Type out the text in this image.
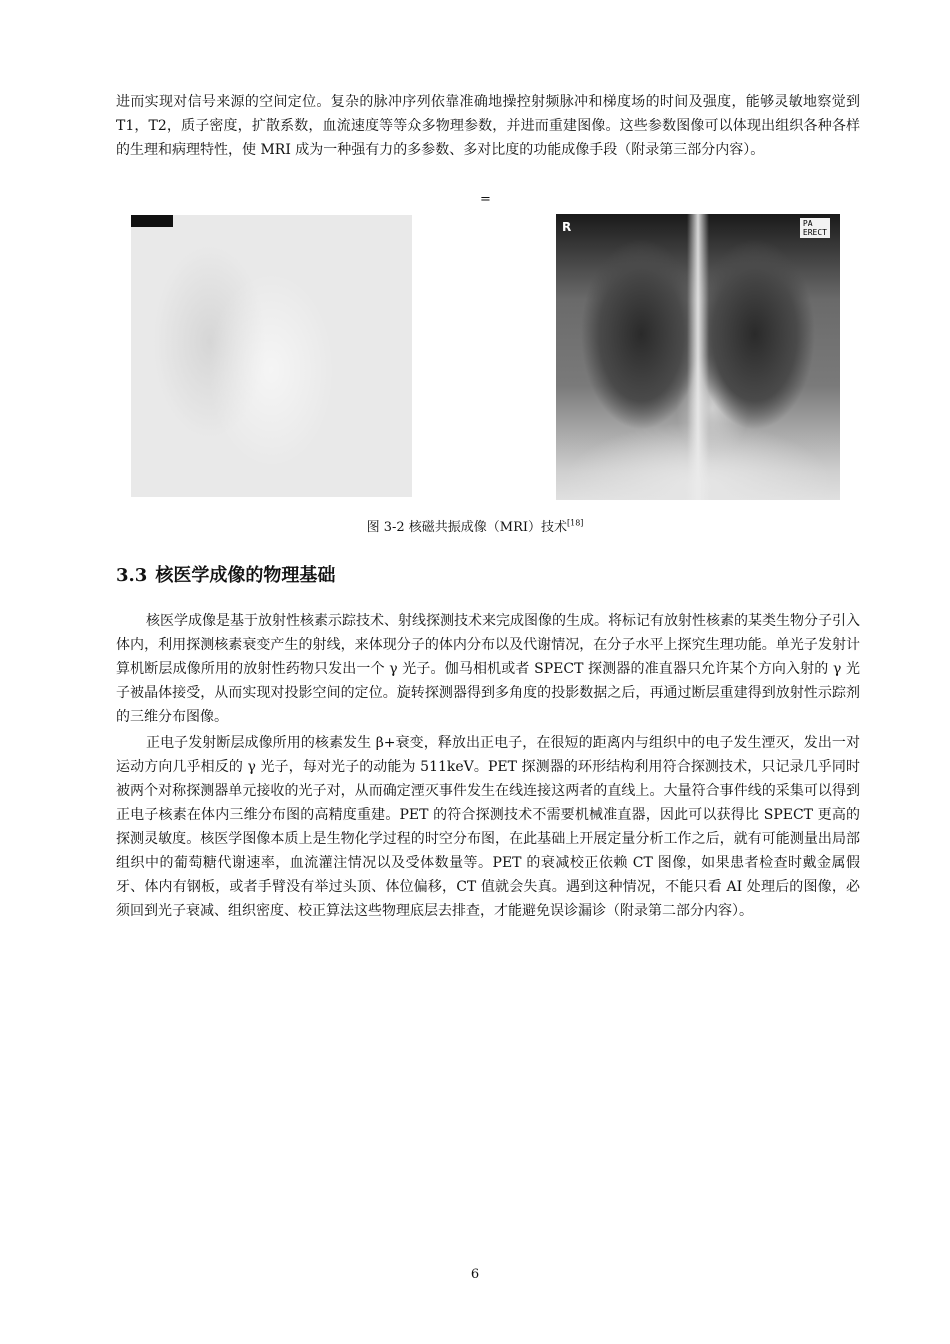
进而实现对信号来源的空间定位。复杂的脉冲序列依靠准确地操控射频脉冲和梯度场的时间及强度，能够灵敏地察觉到T1，T2，质子密度，扩散系数，血流速度等等众多物理参数，并进而重建图像。这些参数图像可以体现出组织各种各样的生理和病理特性，使 MRI 成为一种强有力的多参数、多对比度的功能成像手段（附录第三部分内容）。

=

R	PA
ERECT

图 3-2 核磁共振成像（MRI）技术[18]

3.3 核医学成像的物理基础

核医学成像是基于放射性核素示踪技术、射线探测技术来完成图像的生成。将标记有放射性核素的某类生物分子引入体内，利用探测核素衰变产生的射线，来体现分子的体内分布以及代谢情况，在分子水平上探究生理功能。单光子发射计算机断层成像所用的放射性药物只发出一个 γ 光子。伽马相机或者 SPECT 探测器的准直器只允许某个方向入射的 γ 光子被晶体接受，从而实现对投影空间的定位。旋转探测器得到多角度的投影数据之后，再通过断层重建得到放射性示踪剂的三维分布图像。

正电子发射断层成像所用的核素发生 β+衰变，释放出正电子，在很短的距离内与组织中的电子发生湮灭，发出一对运动方向几乎相反的 γ 光子，每对光子的动能为 511keV。PET 探测器的环形结构利用符合探测技术，只记录几乎同时被两个对称探测器单元接收的光子对，从而确定湮灭事件发生在线连接这两者的直线上。大量符合事件线的采集可以得到正电子核素在体内三维分布图的高精度重建。PET 的符合探测技术不需要机械准直器，因此可以获得比 SPECT 更高的探测灵敏度。核医学图像本质上是生物化学过程的时空分布图，在此基础上开展定量分析工作之后，就有可能测量出局部组织中的葡萄糖代谢速率，血流灌注情况以及受体数量等。PET 的衰减校正依赖 CT 图像，如果患者检查时戴金属假牙、体内有钢板，或者手臂没有举过头顶、体位偏移，CT 值就会失真。遇到这种情况，不能只看 AI 处理后的图像，必须回到光子衰减、组织密度、校正算法这些物理底层去排查，才能避免误诊漏诊（附录第二部分内容）。

6
